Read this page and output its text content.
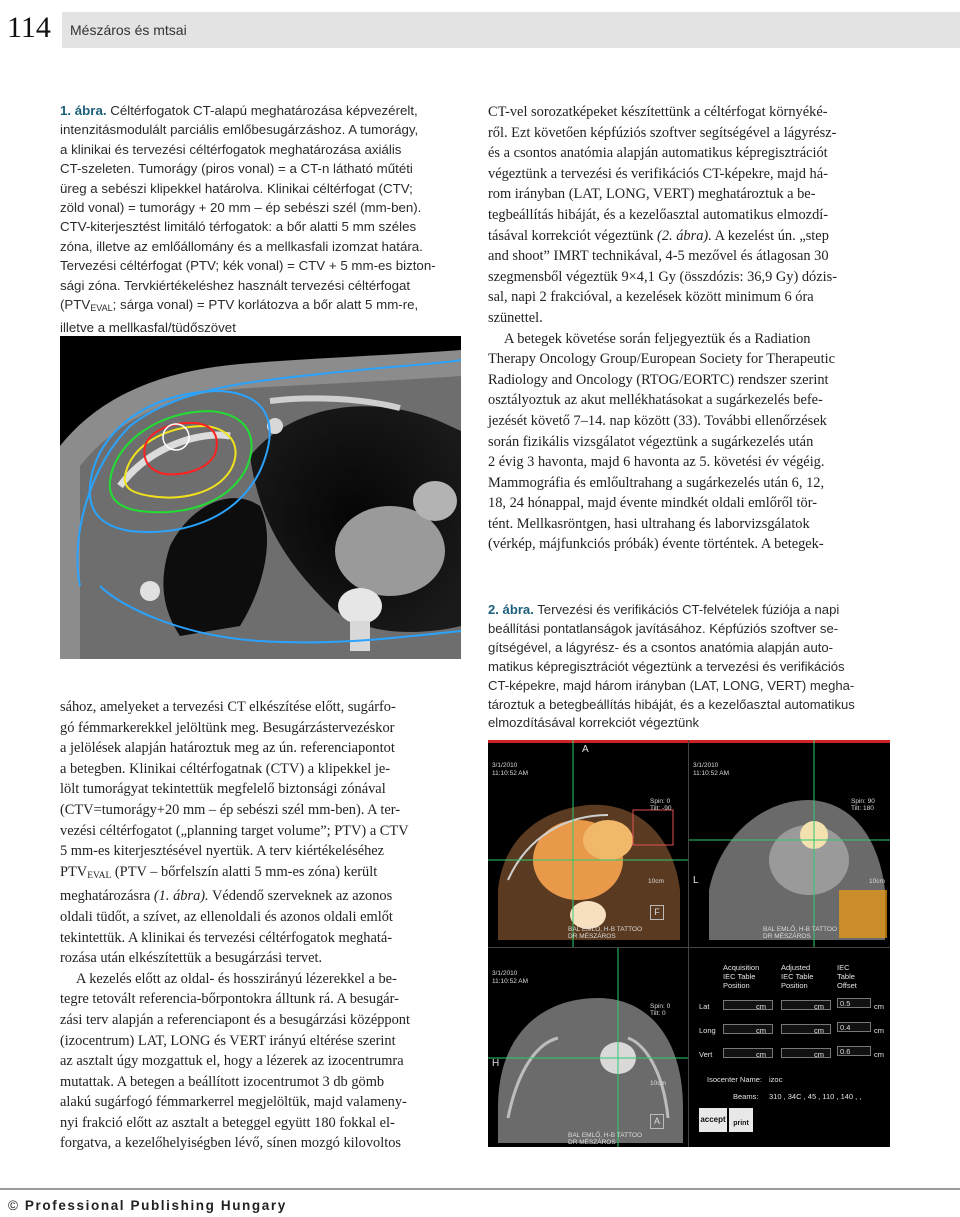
114	Mészáros és mtsai
1. ábra. Céltérfogatok CT-alapú meghatározása képvezérelt,
intenzitásmodulált parciális emlőbesugárzáshoz. A tumorágy,
a klinikai és tervezési céltérfogatok meghatározása axiális
CT-szeleten. Tumorágy (piros vonal) = a CT-n látható műtéti
üreg a sebészi klipekkel határolva. Klinikai céltérfogat (CTV;
zöld vonal) = tumorágy + 20 mm – ép sebészi szél (mm-ben).
CTV-kiterjesztést limitáló térfogatok: a bőr alatti 5 mm széles
zóna, illetve az emlőállomány és a mellkasfali izomzat határa.
Tervezési céltérfogat (PTV; kék vonal) = CTV + 5 mm-es bizton-
sági zóna. Tervkiértékeléshez használt tervezési céltérfogat
($PTV_{EVAL}$; sárga vonal) = PTV korlátozva a bőr alatt 5 mm-re,
illetve a mellkasfal/tüdőszövet

CT-vel sorozatképeket készítettünk a céltérfogat környéké-

ről. Ezt követően képfúziós szoftver segítségével a lágyrész-

és a csontos anatómia alapján automatikus képregisztrációt

végeztünk a tervezési és verifikációs CT-képekre, majd há-

rom irányban (LAT, LONG, VERT) meghatároztuk a be-

tegbeállítás hibáját, és a kezelőasztal automatikus elmozdí-

tásával korrekciót végeztünk (2. ábra). A kezelést ún. „step

and shoot” IMRT technikával, 4-5 mezővel és átlagosan 30

szegmensből végeztük 9×4,1 Gy (összdózis: 36,9 Gy) dózis-

sal, napi 2 frakcióval, a kezelések között minimum 6 óra

szünettel.

A betegek követése során feljegyeztük és a Radiation

Therapy Oncology Group/European Society for Therapeutic

Radiology and Oncology (RTOG/EORTC) rendszer szerint

osztályoztuk az akut mellékhatásokat a sugárkezelés befe-

jezését követő 7–14. nap között (33). További ellenőrzések

során fizikális vizsgálatot végeztünk a sugárkezelés után

2 évig 3 havonta, majd 6 havonta az 5. követési év végéig.

Mammográfia és emlőultrahang a sugárkezelés után 6, 12,

18, 24 hónappal, majd évente mindkét oldali emlőről tör-

tént. Mellkasröntgen, hasi ultrahang és laborvizsgálatok

(vérkép, májfunkciós próbák) évente történtek. A betegek-

2. ábra. Tervezési és verifikációs CT-felvételek fúziója a napi
beállítási pontatlanságok javításához. Képfúziós szoftver se-
gítségével, a lágyrész- és a csontos anatómia alapján auto-
matikus képregisztrációt végeztünk a tervezési és verifikációs
CT-képekre, majd három irányban (LAT, LONG, VERT) megha-
tároztuk a betegbeállítás hibáját, és a kezelőasztal automatikus
elmozdításával korrekciót végeztünk
3/1/2010
11:10:52 AM
Spin: 0
Tilt: -90
A
10cm
F
BAL EMLŐ, H-B TATTOO
DR MÉSZÁROS
3/1/2010
11:10:52 AM
Spin: 90
Tilt: 180
L	10cm
BAL EMLŐ, H-B TATTOO
DR MÉSZÁROS
3/1/2010
11:10:52 AM
Spin: 0
Tilt: 0
H
10cm
A
BAL EMLŐ, H-B TATTOO
DR MÉSZÁROS
Acquisition
IEC Table
Position
Adjusted
IEC Table
Position
IEC
Table
Offset
Lat	cm	cm	0.5	cm
Long	cm	cm	0.4	cm
Vert	cm	cm	0.6	cm
Isocenter Name: izoc
Beams: 310 , 34C , 45 , 110 , 140 , ,
accept	print

sához, amelyeket a tervezési CT elkészítése előtt, sugárfo-

gó fémmarkerekkel jelöltünk meg. Besugárzástervezéskor

a jelölések alapján határoztuk meg az ún. referenciapontot

a betegben. Klinikai céltérfogatnak (CTV) a klipekkel je-

lölt tumorágyat tekintettük megfelelő biztonsági zónával

(CTV=tumorágy+20 mm – ép sebészi szél mm-ben). A ter-

vezési céltérfogatot („planning target volume”; PTV) a CTV

5 mm-es kiterjesztésével nyertük. A terv kiértékeléséhez

$PTV_{EVAL}$ (PTV – bőrfelszín alatti 5 mm-es zóna) került

meghatározásra (1. ábra). Védendő szerveknek az azonos

oldali tüdőt, a szívet, az ellenoldali és azonos oldali emlőt

tekintettük. A klinikai és tervezési céltérfogatok meghatá-

rozása után elkészítettük a besugárzási tervet.

A kezelés előtt az oldal- és hosszirányú lézerekkel a be-

tegre tetovált referencia-bőrpontokra álltunk rá. A besugár-

zási terv alapján a referenciapont és a besugárzási középpont

(izocentrum) LAT, LONG és VERT irányú eltérése szerint

az asztalt úgy mozgattuk el, hogy a lézerek az izocentrumra

mutattak. A betegen a beállított izocentrumot 3 db gömb

alakú sugárfogó fémmarkerrel megjelöltük, majd valameny-

nyi frakció előtt az asztalt a beteggel együtt 180 fokkal el-

forgatva, a kezelőhelyiségben lévő, sínen mozgó kilovoltos

© Professional Publishing Hungary
